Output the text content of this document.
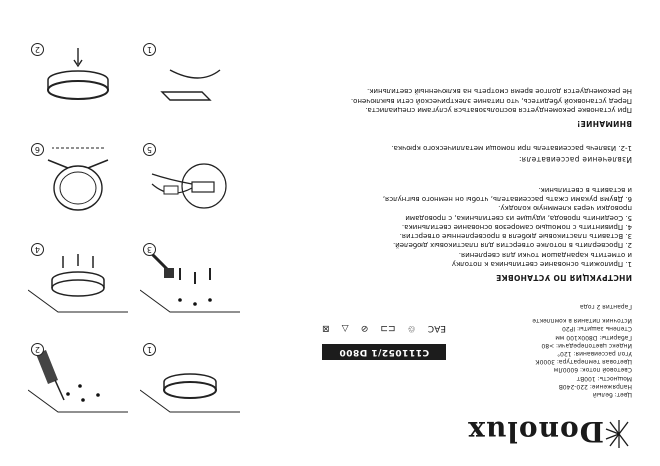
Donolux
Цвет: белый
Напряжение: 220-240В
Мощность: 100Вт
Световой поток: 6000Лм
Цветовая температура: 3000К
Угол рассеивания: 120°
Индекс цветопередачи: >80
Габариты: D800x100 мм
Степень защиты: IP20
Источник питания в комплекте
C111052/1 D800
ЕАС
♲
⊏⊐
⊘
△
⊠
Гарантия 2 года
ИНСТРУКЦИЯ ПО УСТАНОВКЕ
1. Приложить основание светильника к потолку
и отметить карандашом точки для сверления.
2. Просверлить в потолке отверстия для пластиковых дюбелей.
3. Вставить пластиковые дюбеля в просверленные отверстия.
4. Привинтить с помощью саморезов основание светильника.
5. Соединить провода, идущие из светильника, с проводами
проводки через клеммную колодку.
6. Двумя руками сжать рассеиватель, чтобы он немного выгнулся,
и вставить в светильник.
Извлечение рассеивателя:
1-2. Извлечь рассеиватель при помощи металлического крючка.
ВНИМАНИЕ!
При установке рекомендуется воспользоваться услугами специалиста.
Перед установкой убедитесь, что питание электрической сети выключено.
Не рекомендуется долгое время смотреть на включенный светильник.
1
2
3
4
5
6
1
2
